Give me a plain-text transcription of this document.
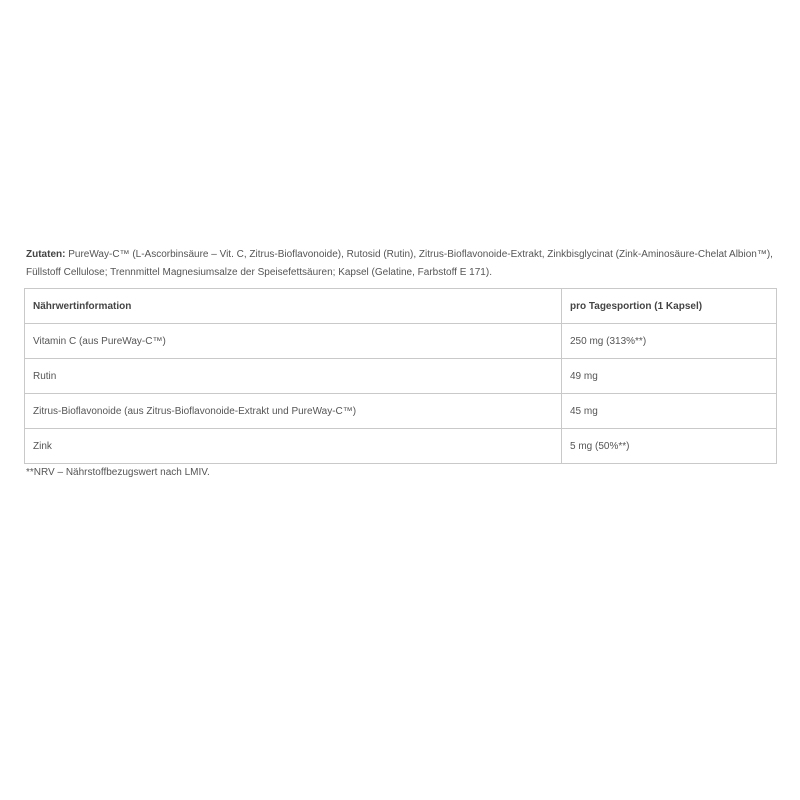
Zutaten: PureWay-C™ (L-Ascorbinsäure – Vit. C, Zitrus-Bioflavonoide), Rutosid (Rutin), Zitrus-Bioflavonoide-Extrakt, Zinkbisglycinat (Zink-Aminosäure-Chelat Albion™), Füllstoff Cellulose; Trennmittel Magnesiumsalze der Speisefettsäuren; Kapsel (Gelatine, Farbstoff E 171).

Nährwertinformation	pro Tagesportion (1 Kapsel)
Vitamin C (aus PureWay-C™)	250 mg (313%**)
Rutin	49 mg
Zitrus-Bioflavonoide (aus Zitrus-Bioflavonoide-Extrakt und PureWay-C™)	45 mg
Zink	5 mg (50%**)

**NRV – Nährstoffbezugswert nach LMIV.
